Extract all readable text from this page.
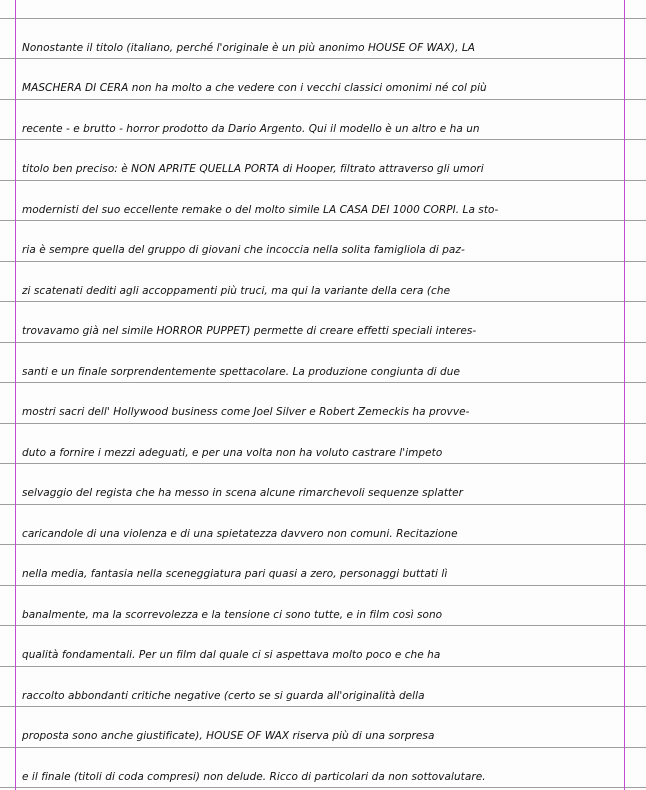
Nonostante il titolo (italiano, perché l'originale è un più anonimo HOUSE OF WAX), LA
MASCHERA DI CERA non ha molto a che vedere con i vecchi classici omonimi né col più
recente - e brutto - horror prodotto da Dario Argento. Qui il modello è un altro e ha un
titolo ben preciso: è NON APRITE QUELLA PORTA di Hooper, filtrato attraverso gli umori
modernisti del suo eccellente remake o del molto simile LA CASA DEI 1000 CORPI. La sto-
ria è sempre quella del gruppo di giovani che incoccia nella solita famigliola di paz-
zi scatenati dediti agli accoppamenti più truci, ma qui la variante della cera (che
trovavamo già nel simile HORROR PUPPET) permette di creare effetti speciali interes-
santi e un finale sorprendentemente spettacolare. La produzione congiunta di due
mostri sacri dell' Hollywood business come Joel Silver e Robert Zemeckis ha provve-
duto a fornire i mezzi adeguati, e per una volta non ha voluto castrare l'impeto
selvaggio del regista che ha messo in scena alcune rimarchevoli sequenze splatter
caricandole di una violenza e di una spietatezza davvero non comuni. Recitazione
nella media, fantasia nella sceneggiatura pari quasi a zero, personaggi buttati lì
banalmente, ma la scorrevolezza e la tensione ci sono tutte, e in film così sono
qualità fondamentali. Per un film dal quale ci si aspettava molto poco e che ha
raccolto abbondanti critiche negative (certo se si guarda all'originalità della
proposta sono anche giustificate), HOUSE OF WAX riserva più di una sorpresa
e il finale (titoli di coda compresi) non delude. Ricco di particolari da non sottovalutare.
